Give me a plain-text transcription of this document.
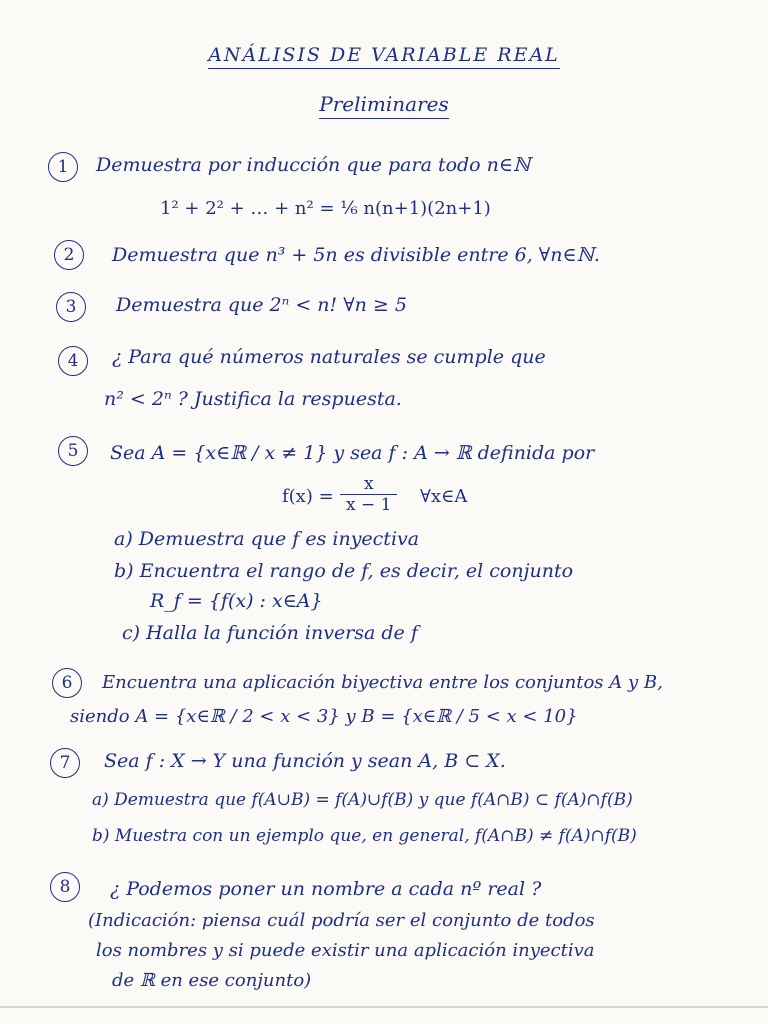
ANÁLISIS DE VARIABLE REAL
Preliminares
1	Demuestra por inducción que para todo n∈ℕ
1² + 2² + … + n² = ¹⁄₆ n(n+1)(2n+1)
2	Demuestra que n³ + 5n es divisible entre 6, ∀n∈ℕ.
3	Demuestra que 2ⁿ < n! ∀n ≥ 5
4	¿ Para qué números naturales se cumple que
n² < 2ⁿ ? Justifica la respuesta.
5	Sea A = {x∈ℝ / x ≠ 1} y sea f : A → ℝ definida por
$f(x) = \frac{x}{x - 1}$ ∀x∈A
a) Demuestra que f es inyectiva
b) Encuentra el rango de f, es decir, el conjunto
R_f = {f(x) : x∈A}
c) Halla la función inversa de f
6	Encuentra una aplicación biyectiva entre los conjuntos A y B,
siendo A = {x∈ℝ / 2 < x < 3} y B = {x∈ℝ / 5 < x < 10}
7	Sea f : X → Y una función y sean A, B ⊂ X.
a) Demuestra que f(A∪B) = f(A)∪f(B) y que f(A∩B) ⊂ f(A)∩f(B)
b) Muestra con un ejemplo que, en general, f(A∩B) ≠ f(A)∩f(B)
8	¿ Podemos poner un nombre a cada nº real ?
(Indicación: piensa cuál podría ser el conjunto de todos
los nombres y si puede existir una aplicación inyectiva
de ℝ en ese conjunto)
